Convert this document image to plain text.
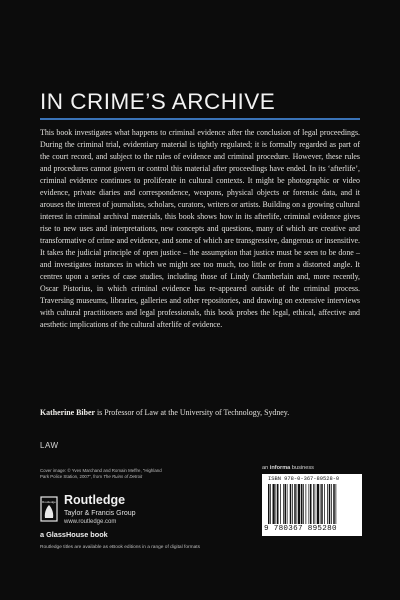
IN CRIME’S ARCHIVE

This book investigates what happens to criminal evidence after the conclusion of legal proceedings. During the criminal trial, evidentiary material is tightly regulated; it is formally regarded as part of the court record, and subject to the rules of evidence and criminal procedure. However, these rules and procedures cannot govern or control this material after proceedings have ended. In its ‘afterlife’, criminal evidence continues to proliferate in cultural contexts. It might be photographic or video evidence, private diaries and correspondence, weapons, physical objects or forensic data, and it arouses the interest of journalists, scholars, curators, writers or artists. Building on a growing cultural interest in criminal archival materials, this book shows how in its afterlife, criminal evidence gives rise to new uses and interpretations, new concepts and questions, many of which are creative and transformative of crime and evidence, and some of which are transgressive, dangerous or insensitive. It takes the judicial principle of open justice – the assumption that justice must be seen to be done – and investigates instances in which we might see too much, too little or from a distorted angle. It centres upon a series of case studies, including those of Lindy Chamberlain and, more recently, Oscar Pistorius, in which criminal evidence has re-appeared outside of the criminal process. Traversing museums, libraries, galleries and other repositories, and drawing on extensive interviews with cultural practitioners and legal professionals, this book probes the legal, ethical, affective and aesthetic implications of the cultural afterlife of evidence.

Katherine Biber is Professor of Law at the University of Technology, Sydney.

LAW
Cover image: © Yves Marchand and Romain Meffre, “Highland
Park Police Station, 2007”, from The Ruins of Detroit
Routledge Routledge
Taylor & Francis Group
www.routledge.com
a GlassHouse book
Routledge titles are available as eBook editions in a range of digital formats
an informa business
ISBN 978-0-367-89528-0
9 780367 895280
